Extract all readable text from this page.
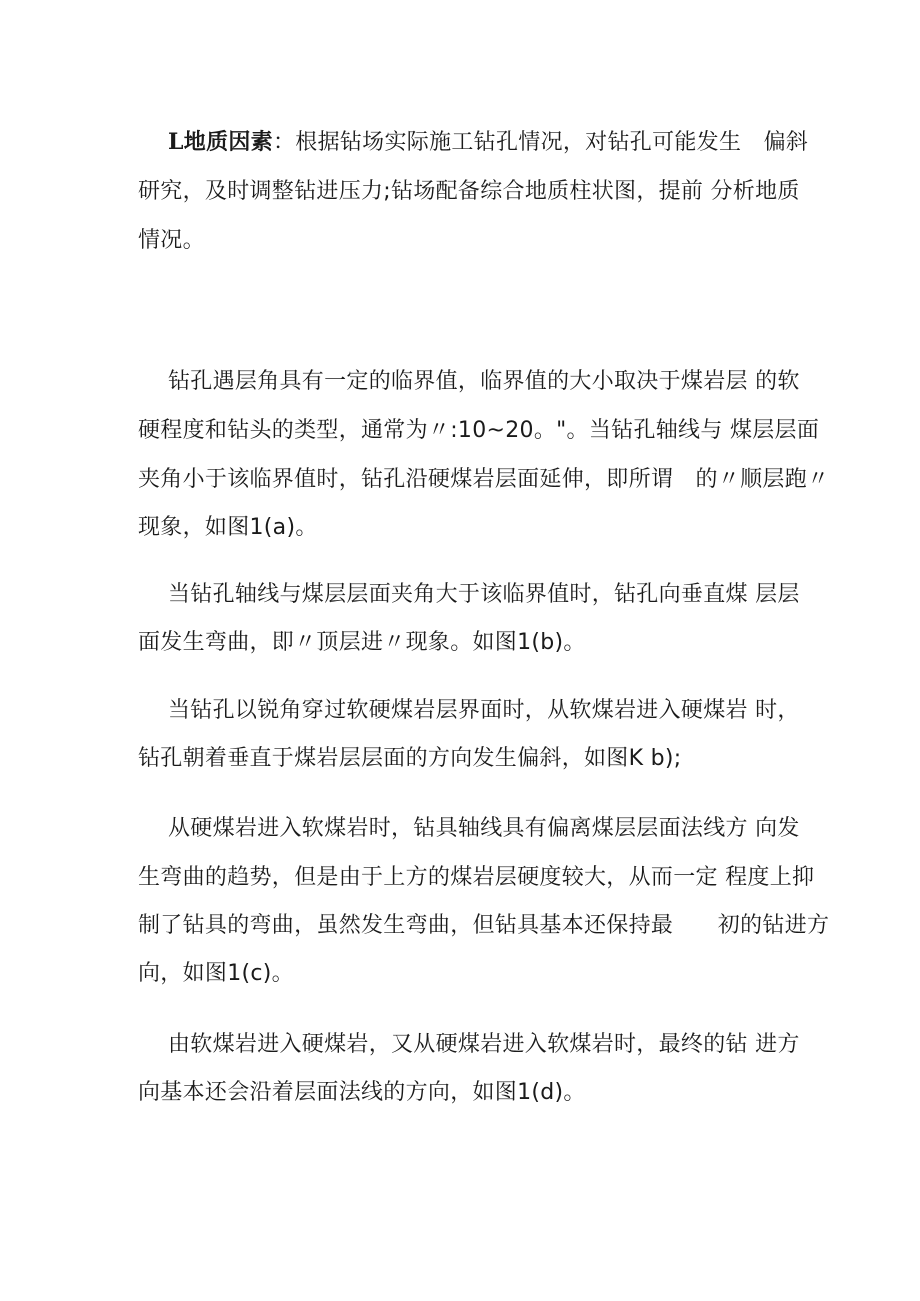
L地质因素：根据钻场实际施工钻孔情况，对钻孔可能发生　偏斜
研究，及时调整钻进压力;钻场配备综合地质柱状图，提前 分析地质
情况。
钻孔遇层角具有一定的临界值，临界值的大小取决于煤岩层 的软
硬程度和钻头的类型，通常为〃:10~20。"。当钻孔轴线与 煤层层面
夹角小于该临界值时，钻孔沿硬煤岩层面延伸，即所谓　的〃顺层跑〃
现象，如图1(a)。
当钻孔轴线与煤层层面夹角大于该临界值时，钻孔向垂直煤 层层
面发生弯曲，即〃顶层进〃现象。如图1(b)。
当钻孔以锐角穿过软硬煤岩层界面时，从软煤岩进入硬煤岩 时，
钻孔朝着垂直于煤岩层层面的方向发生偏斜，如图K b);
从硬煤岩进入软煤岩时，钻具轴线具有偏离煤层层面法线方 向发
生弯曲的趋势，但是由于上方的煤岩层硬度较大，从而一定 程度上抑
制了钻具的弯曲，虽然发生弯曲，但钻具基本还保持最　　初的钻进方
向，如图1(c)。
由软煤岩进入硬煤岩，又从硬煤岩进入软煤岩时，最终的钻 进方
向基本还会沿着层面法线的方向，如图1(d)。
